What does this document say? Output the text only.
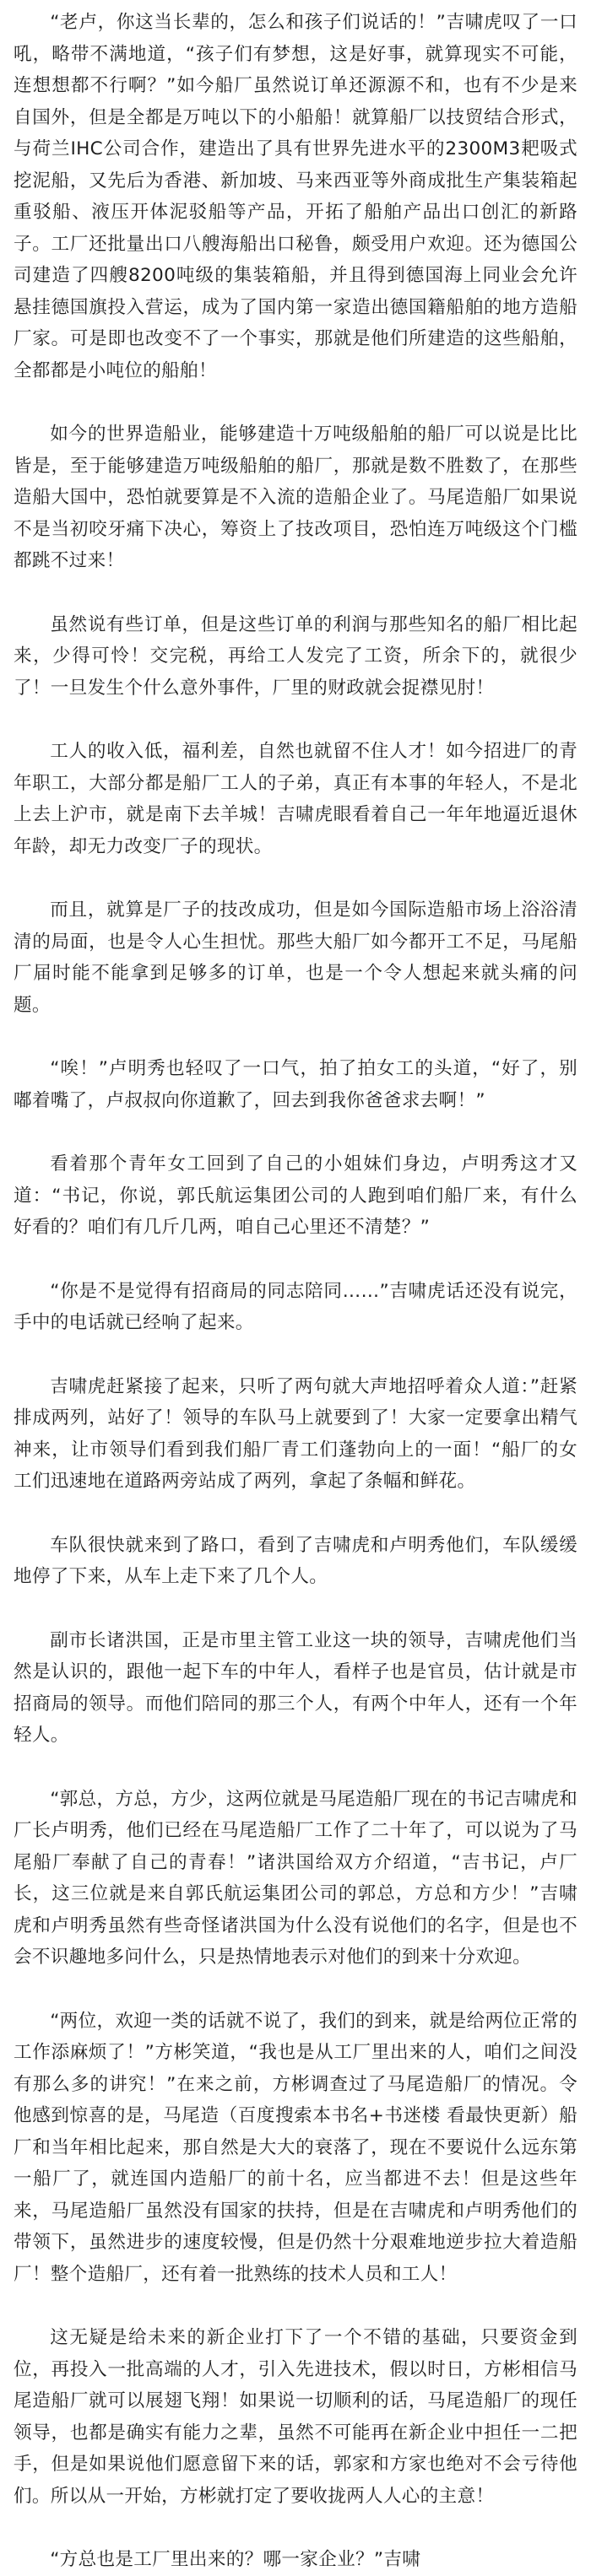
“老卢，你这当长辈的，怎么和孩子们说话的！”吉啸虎叹了一口吼，略带不满地道，“孩子们有梦想，这是好事，就算现实不可能，连想想都不行啊？”如今船厂虽然说订单还源源不和，也有不少是来自国外，但是全都是万吨以下的小船船！就算船厂以技贸结合形式，与荷兰IHC公司合作，建造出了具有世界先进水平的2300M3耙吸式挖泥船，又先后为香港、新加坡、马来西亚等外商成批生产集装箱起重驳船、液压开体泥驳船等产品，开拓了船舶产品出口创汇的新路子。工厂还批量出口八艘海船出口秘鲁，颇受用户欢迎。还为德国公司建造了四艘8200吨级的集装箱船，并且得到德国海上同业会允许悬挂德国旗投入营运，成为了国内第一家造出德国籍船舶的地方造船厂家。可是即也改变不了一个事实，那就是他们所建造的这些船舶，全都都是小吨位的船舶！

如今的世界造船业，能够建造十万吨级船舶的船厂可以说是比比皆是，至于能够建造万吨级船舶的船厂，那就是数不胜数了，在那些造船大国中，恐怕就要算是不入流的造船企业了。马尾造船厂如果说不是当初咬牙痛下决心，筹资上了技改项目，恐怕连万吨级这个门槛都跳不过来！

虽然说有些订单，但是这些订单的利润与那些知名的船厂相比起来，少得可怜！交完税，再给工人发完了工资，所余下的，就很少了！一旦发生个什么意外事件，厂里的财政就会捉襟见肘！

工人的收入低，福利差，自然也就留不住人才！如今招进厂的青年职工，大部分都是船厂工人的子弟，真正有本事的年轻人，不是北上去上沪市，就是南下去羊城！吉啸虎眼看着自己一年年地逼近退休年龄，却无力改变厂子的现状。

而且，就算是厂子的技改成功，但是如今国际造船市场上浴浴清清的局面，也是令人心生担忧。那些大船厂如今都开工不足，马尾船厂届时能不能拿到足够多的订单，也是一个令人想起来就头痛的问题。

“唉！”卢明秀也轻叹了一口气，拍了拍女工的头道，“好了，别嘟着嘴了，卢叔叔向你道歉了，回去到我你爸爸求去啊！”

看着那个青年女工回到了自己的小姐妹们身边，卢明秀这才又道：“书记，你说，郭氏航运集团公司的人跑到咱们船厂来，有什么好看的？咱们有几斤几两，咱自己心里还不清楚？”

“你是不是觉得有招商局的同志陪同……”吉啸虎话还没有说完，手中的电话就已经响了起来。

吉啸虎赶紧接了起来，只听了两句就大声地招呼着众人道：”赶紧排成两列，站好了！领导的车队马上就要到了！大家一定要拿出精气神来，让市领导们看到我们船厂青工们蓬勃向上的一面！“船厂的女工们迅速地在道路两旁站成了两列，拿起了条幅和鲜花。

车队很快就来到了路口，看到了吉啸虎和卢明秀他们，车队缓缓地停了下来，从车上走下来了几个人。

副市长诸洪国，正是市里主管工业这一块的领导，吉啸虎他们当然是认识的，跟他一起下车的中年人，看样子也是官员，估计就是市招商局的领导。而他们陪同的那三个人，有两个中年人，还有一个年轻人。

“郭总，方总，方少，这两位就是马尾造船厂现在的书记吉啸虎和厂长卢明秀，他们已经在马尾造船厂工作了二十年了，可以说为了马尾船厂奉献了自己的青春！”诸洪国给双方介绍道，“吉书记，卢厂长，这三位就是来自郭氏航运集团公司的郭总，方总和方少！”吉啸虎和卢明秀虽然有些奇怪诸洪国为什么没有说他们的名字，但是也不会不识趣地多问什么，只是热情地表示对他们的到来十分欢迎。

“两位，欢迎一类的话就不说了，我们的到来，就是给两位正常的工作添麻烦了！”方彬笑道，“我也是从工厂里出来的人，咱们之间没有那么多的讲究！”在来之前，方彬调查过了马尾造船厂的情况。令他感到惊喜的是，马尾造（百度搜索本书名+书迷楼 看最快更新）船厂和当年相比起来，那自然是大大的衰落了，现在不要说什么远东第一船厂了，就连国内造船厂的前十名，应当都进不去！但是这些年来，马尾造船厂虽然没有国家的扶持，但是在吉啸虎和卢明秀他们的带领下，虽然进步的速度较慢，但是仍然十分艰难地逆步拉大着造船厂！整个造船厂，还有着一批熟练的技术人员和工人！

这无疑是给未来的新企业打下了一个不错的基础，只要资金到位，再投入一批高端的人才，引入先进技术，假以时日，方彬相信马尾造船厂就可以展翅飞翔！如果说一切顺利的话，马尾造船厂的现任领导，也都是确实有能力之辈，虽然不可能再在新企业中担任一二把手，但是如果说他们愿意留下来的话，郭家和方家也绝对不会亏待他们。所以从一开始，方彬就打定了要收拢两人人心的主意！

“方总也是工厂里出来的？哪一家企业？”吉啸
